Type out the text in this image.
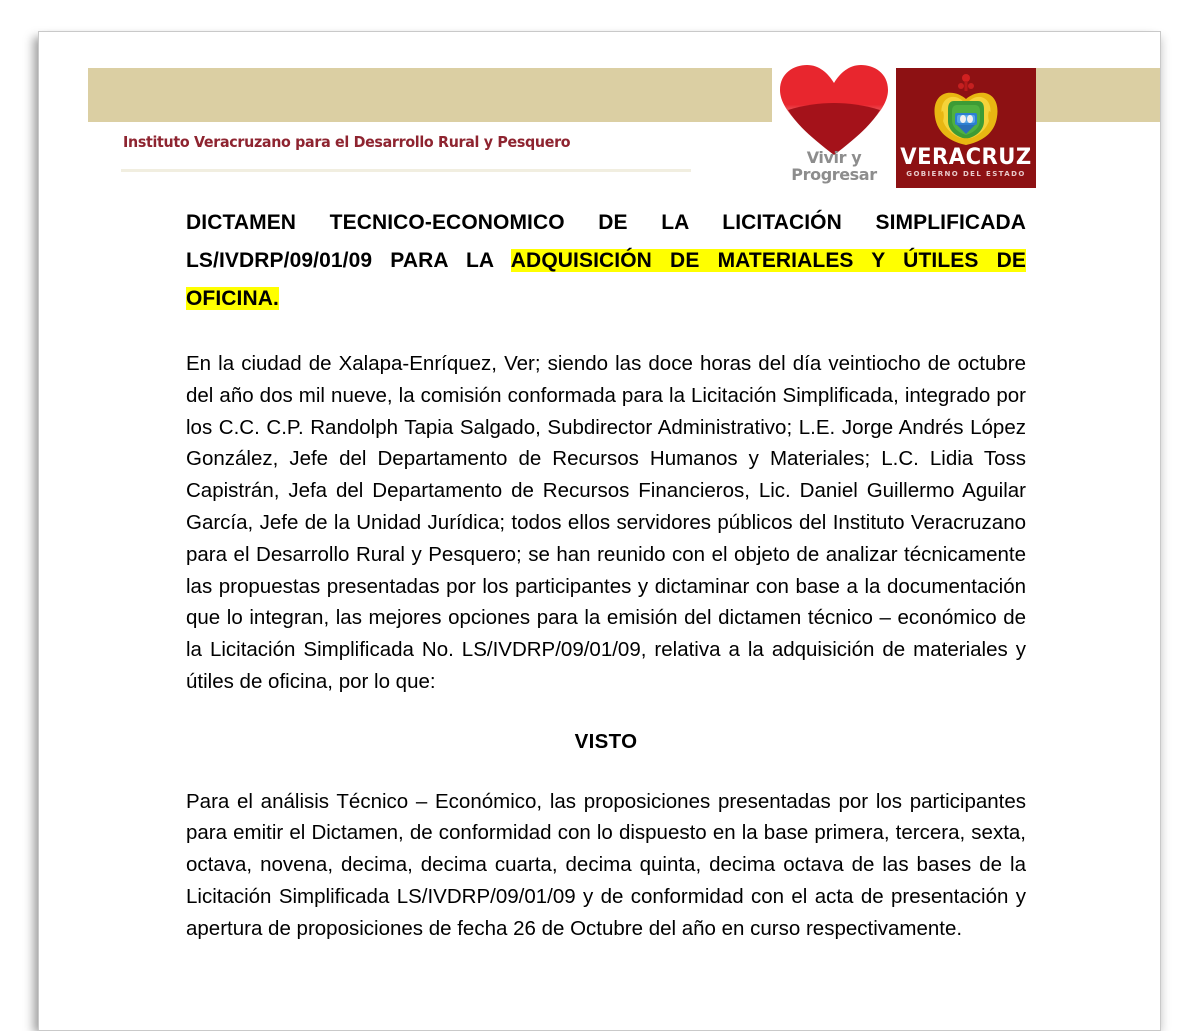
Instituto Veracruzano para el Desarrollo Rural y Pesquero
Vivir y
Progresar
VERACRUZ
GOBIERNO DEL ESTADO
DICTAMEN TECNICO-ECONOMICO DE LA LICITACIÓN SIMPLIFICADA LS/IVDRP/09/01/09 PARA LA ADQUISICIÓN DE MATERIALES Y ÚTILES DE OFICINA.

En la ciudad de Xalapa-Enríquez, Ver; siendo las doce horas del día veintiocho de octubre del año dos mil nueve, la comisión conformada para la Licitación Simplificada, integrado por los C.C. C.P. Randolph Tapia Salgado, Subdirector Administrativo; L.E. Jorge Andrés López González, Jefe del Departamento de Recursos Humanos y Materiales; L.C. Lidia Toss Capistrán, Jefa del Departamento de Recursos Financieros, Lic. Daniel Guillermo Aguilar García, Jefe de la Unidad Jurídica; todos ellos servidores públicos del Instituto Veracruzano para el Desarrollo Rural y Pesquero; se han reunido con el objeto de analizar técnicamente las propuestas presentadas por los participantes y dictaminar con base a la documentación que lo integran, las mejores opciones para la emisión del dictamen técnico – económico de la Licitación Simplificada No. LS/IVDRP/09/01/09, relativa a la adquisición de materiales y útiles de oficina, por lo que:

VISTO

Para el análisis Técnico – Económico, las proposiciones presentadas por los participantes para emitir el Dictamen, de conformidad con lo dispuesto en la base primera, tercera, sexta, octava, novena, decima, decima cuarta, decima quinta, decima octava de las bases de la Licitación Simplificada LS/IVDRP/09/01/09 y de conformidad con el acta de presentación y apertura de proposiciones de fecha 26 de Octubre del año en curso respectivamente.
